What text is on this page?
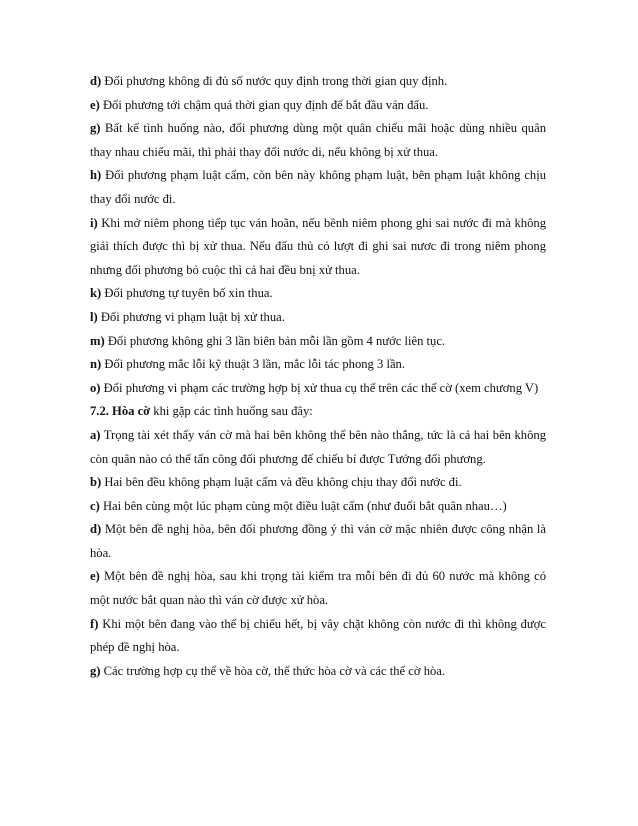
d) Đối phương không đi đủ số nước quy định trong thời gian quy định.

e) Đối phương tới chậm quá thời gian quy định để bắt đầu ván đấu.

g) Bất kể tình huống nào, đối phương dùng một quân chiếu mãi hoặc dùng nhiều quân thay nhau chiếu mãi, thì phải thay đổi nước di, nếu không bị xử thua.

h) Đối phương phạm luật cấm, còn bên này không phạm luật, bên phạm luật không chịu thay đổi nước đi.

i) Khi mở niêm phong tiếp tục ván hoãn, nếu bênh niêm phong ghi sai nước đi mà không giải thích được thì bị xử thua. Nếu đấu thủ có lượt đi ghi sai nươc đi trong niêm phong nhưng đối phương bỏ cuộc thì cả hai đều bnị xử thua.

k) Đối phương tự tuyên bố xin thua.

l) Đối phương vi phạm luật bị xử thua.

m) Đối phương không ghi 3 lần biên bản mỗi lần gồm 4 nước liên tục.

n) Đối phương mắc lỗi kỹ thuật 3 lần, mắc lỗi tác phong 3 lần.

o) Đối phương vi phạm các trường hợp bị xử thua cụ thể trên các thế cờ (xem chương V)

7.2. Hòa cờ khi gặp các tình huống sau đây:

a) Trọng tài xét thấy ván cờ mà hai bên không thể bên nào thắng, tức là cả hai bên không còn quân nào có thể tấn công đối phương để chiếu bí được Tướng đối phương.

b) Hai bên đều không phạm luật cấm và đều không chịu thay đổi nước đi.

c) Hai bên cùng một lúc phạm cùng một điều luật cấm (như đuổi bắt quân nhau…)

d) Một bên đề nghị hòa, bên đối phương đồng ý thì ván cờ mặc nhiên được công nhận là hòa.

e) Một bên đề nghị hòa, sau khi trọng tài kiểm tra mỗi bên đi đủ 60 nước mà không có một nước bắt quan nào thì ván cờ được xử hòa.

f) Khi một bên đang vào thế bị chiếu hết, bị vây chặt không còn nước đi thì không được phép đề nghị hòa.

g) Các trường hợp cụ thể về hòa cờ, thể thức hòa cờ và các thế cờ hòa.
